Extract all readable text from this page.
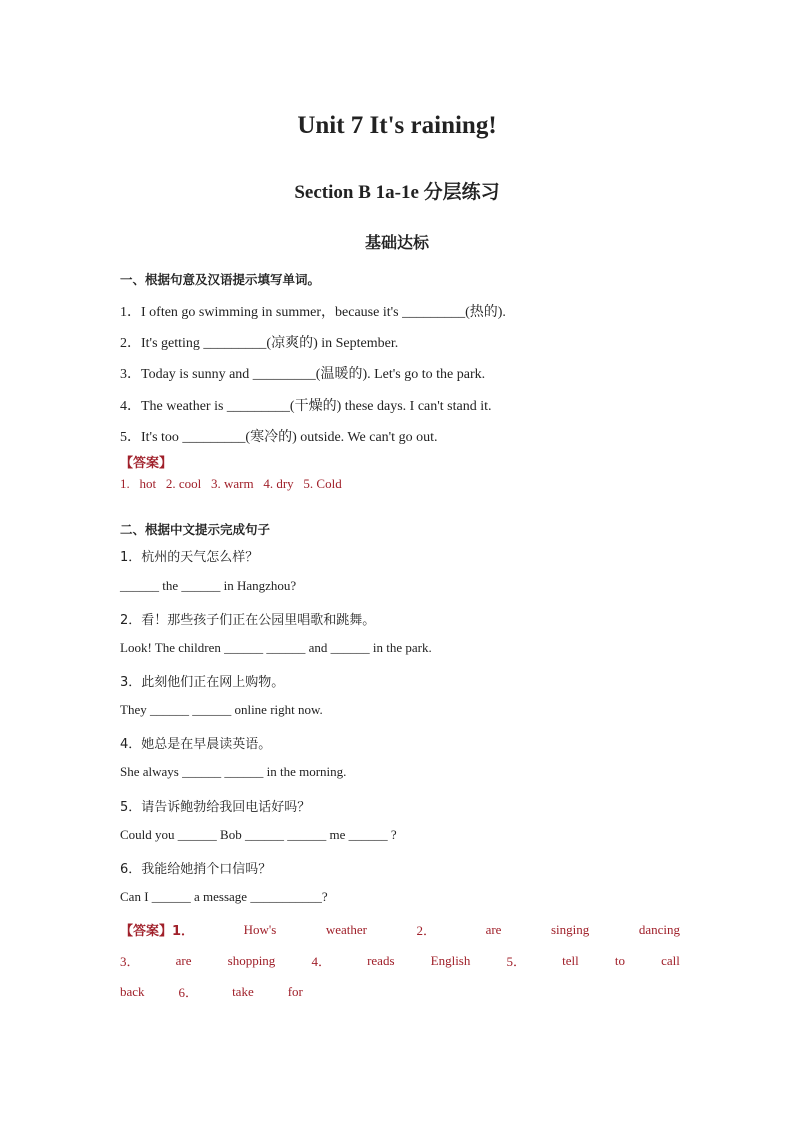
Unit 7 It's raining!
Section B 1a-1e 分层练习
基础达标
一、根据句意及汉语提示填写单词。
1．I often go swimming in summer，because it's _________(热的).
2．It's getting _________(凉爽的) in September.
3．Today is sunny and _________(温暖的). Let's go to the park.
4．The weather is _________(干燥的) these days. I can't stand it.
5．It's too _________(寒冷的) outside. We can't go out.
【答案】
1.   hot   2. cool   3. warm   4. dry   5. Cold
二、根据中文提示完成句子
1．杭州的天气怎么样？
______ the ______ in Hangzhou?
2．看！那些孩子们正在公园里唱歌和跳舞。
Look! The children ______ ______ and ______ in the park.
3．此刻他们正在网上购物。
They ______ ______ online right now.
4．她总是在早晨读英语。
She always ______ ______ in the morning.
5．请告诉鲍勃给我回电话好吗？
Could you ______ Bob ______ ______ me ______ ?
6．我能给她捎个口信吗？
Can I ______ a message ___________?
【答案】1．	How's	weather	2．	are	singing	dancing
3．	are	shopping	4．	reads	English	5．	tell	to	call
back	6．	take	for
